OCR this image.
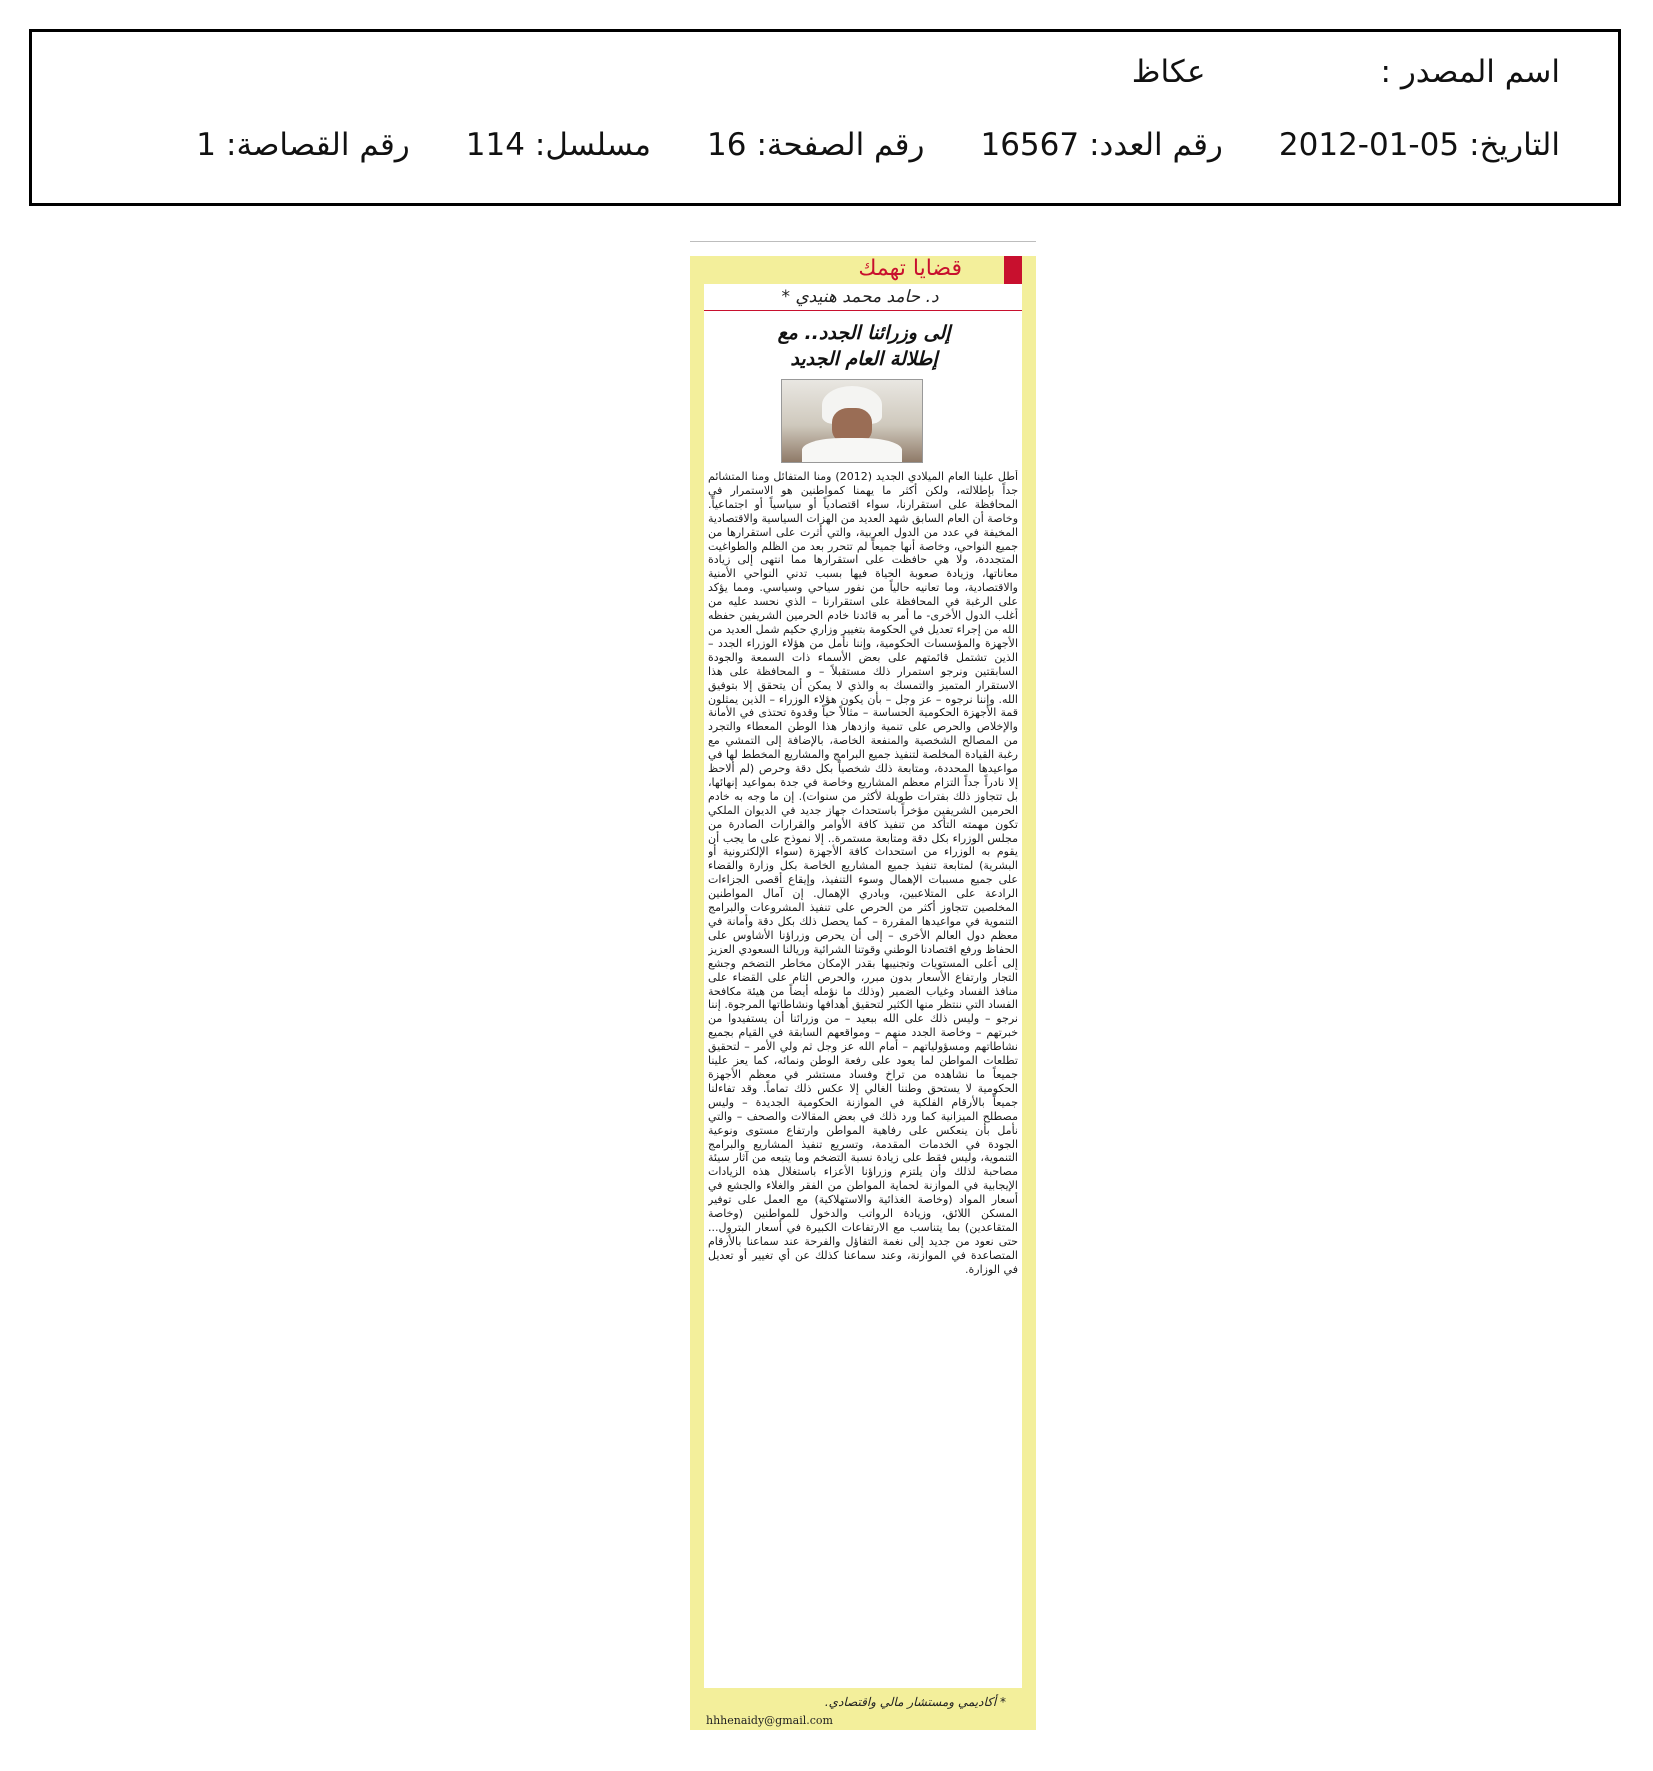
اسم المصدر :
عكاظ
التاريخ:
2012-01-05
رقم العدد:
16567
رقم الصفحة:
16
مسلسل:
114
رقم القصاصة:
1
قضايا تهمك
د. حامد محمد هنيدي *
إلى وزرائنا الجدد.. مع
إطلالة العام الجديد
أطل علينا العام الميلادي الجديد (2012) ومنا المتفائل ومنا المتشائم جداً بإطلالته، ولكن أكثر ما يهمنا كمواطنين هو الاستمرار في المحافظة على استقرارنا، سواء اقتصادياً أو سياسياً أو اجتماعياً. وخاصة أن العام السابق شهد العديد من الهزات السياسية والاقتصادية المخيفة في عدد من الدول العربية، والتي أثرت على استقرارها من جميع النواحي، وخاصة أنها جميعاً لم تتحرر بعد من الظلم والطواغيت المتجددة، ولا هي حافظت على استقرارها مما انتهى إلى زيادة معاناتها، وزيادة صعوبة الحياة فيها بسبب تدني النواحي الأمنية والاقتصادية، وما تعانيه حالياً من نفور سياحي وسياسي. ومما يؤكد على الرغبة في المحافظة على استقرارنا – الذي نحسد عليه من أغلب الدول الأخرى- ما أمر به قائدنا خادم الحرمين الشريفين حفظه الله من إجراء تعديل في الحكومة بتغيير وزاري حكيم شمل العديد من الأجهزة والمؤسسات الحكومية، وإننا نأمل من هؤلاء الوزراء الجدد – الذين تشتمل قائمتهم على بعض الأسماء ذات السمعة والجودة السابقتين ونرجو استمرار ذلك مستقبلاً – و المحافظة على هذا الاستقرار المتميز والتمسك به والذي لا يمكن أن يتحقق إلا بتوفيق الله. وإننا نرجوه – عز وجل – بأن يكون هؤلاء الوزراء – الذين يمثلون قمة الأجهزة الحكومية الحساسة – مثالاً حياً وقدوة تحتذى في الأمانة والإخلاص والحرص على تنمية وازدهار هذا الوطن المعطاء والتجرد من المصالح الشخصية والمنفعة الخاصة، بالإضافة إلى التمشي مع رغبة القيادة المخلصة لتنفيذ جميع البرامج والمشاريع المخطط لها في مواعيدها المحددة، ومتابعة ذلك شخصياً بكل دقة وحرص (لم ألاحظ إلا نادراً جداً التزام معظم المشاريع وخاصة في جدة بمواعيد إنهائها، بل تتجاوز ذلك بفترات طويلة لأكثر من سنوات). إن ما وجه به خادم الحرمين الشريفين مؤخراً باستحداث جهاز جديد في الديوان الملكي تكون مهمته التأكد من تنفيذ كافة الأوامر والقرارات الصادرة من مجلس الوزراء بكل دقة ومتابعة مستمرة.. إلا نموذج على ما يجب أن يقوم به الوزراء من استحداث كافة الأجهزة (سواء الإلكترونية أو البشرية) لمتابعة تنفيذ جميع المشاريع الخاصة بكل وزارة والقضاء على جميع مسببات الإهمال وسوء التنفيذ، وإيقاع أقصى الجزاءات الرادعة على المتلاعبين، وبادري الإهمال. إن آمال المواطنين المخلصين تتجاوز أكثر من الحرص على تنفيذ المشروعات والبرامج التنموية في مواعيدها المقررة – كما يحصل ذلك بكل دقة وأمانة في معظم دول العالم الأخرى – إلى أن يحرص وزراؤنا الأشاوس على الحفاظ ورفع اقتصادنا الوطني وقوتنا الشرائية وريالنا السعودي العزيز إلى أعلى المستويات وتجنيبها بقدر الإمكان مخاطر التضخم وجشع التجار وارتفاع الأسعار بدون مبرر، والحرص التام على القضاء على منافذ الفساد وغياب الضمير (وذلك ما نؤمله أيضاً من هيئة مكافحة الفساد التي ننتظر منها الكثير لتحقيق أهدافها ونشاطاتها المرجوة. إننا نرجو – وليس ذلك على الله ببعيد – من وزرائنا أن يستفيدوا من خبرتهم – وخاصة الجدد منهم – ومواقعهم السابقة في القيام بجميع نشاطاتهم ومسؤولياتهم – أمام الله عز وجل ثم ولي الأمر – لتحقيق تطلعات المواطن لما يعود على رفعة الوطن ونمائه، كما يعز علينا جميعاً ما نشاهده من تراخ وفساد مستشر في معظم الأجهزة الحكومية لا يستحق وطننا الغالي إلا عكس ذلك تماماً. وقد تفاءلنا جميعاً بالأرقام الفلكية في الموازنة الحكومية الجديدة – وليس مصطلح الميزانية كما ورد ذلك في بعض المقالات والصحف – والتي نأمل بأن ينعكس على رفاهية المواطن وارتفاع مستوى ونوعية الجودة في الخدمات المقدمة، وتسريع تنفيذ المشاريع والبرامج التنموية، وليس فقط على زيادة نسبة التضخم وما يتبعه من آثار سيئة مصاحبة لذلك وأن يلتزم وزراؤنا الأعزاء باستغلال هذه الزيادات الإيجابية في الموازنة لحماية المواطن من الفقر والغلاء والجشع في أسعار المواد (وخاصة الغذائية والاستهلاكية) مع العمل على توفير المسكن اللائق، وزيادة الرواتب والدخول للمواطنين (وخاصة المتقاعدين) بما يتناسب مع الارتفاعات الكبيرة في أسعار البترول... حتى نعود من جديد إلى نغمة التفاؤل والفرحة عند سماعنا بالأرقام المتصاعدة في الموازنة، وعند سماعنا كذلك عن أي تغيير أو تعديل في الوزارة.
* أكاديمي ومستشار مالي واقتصادي.
hhhenaidy@gmail.com
